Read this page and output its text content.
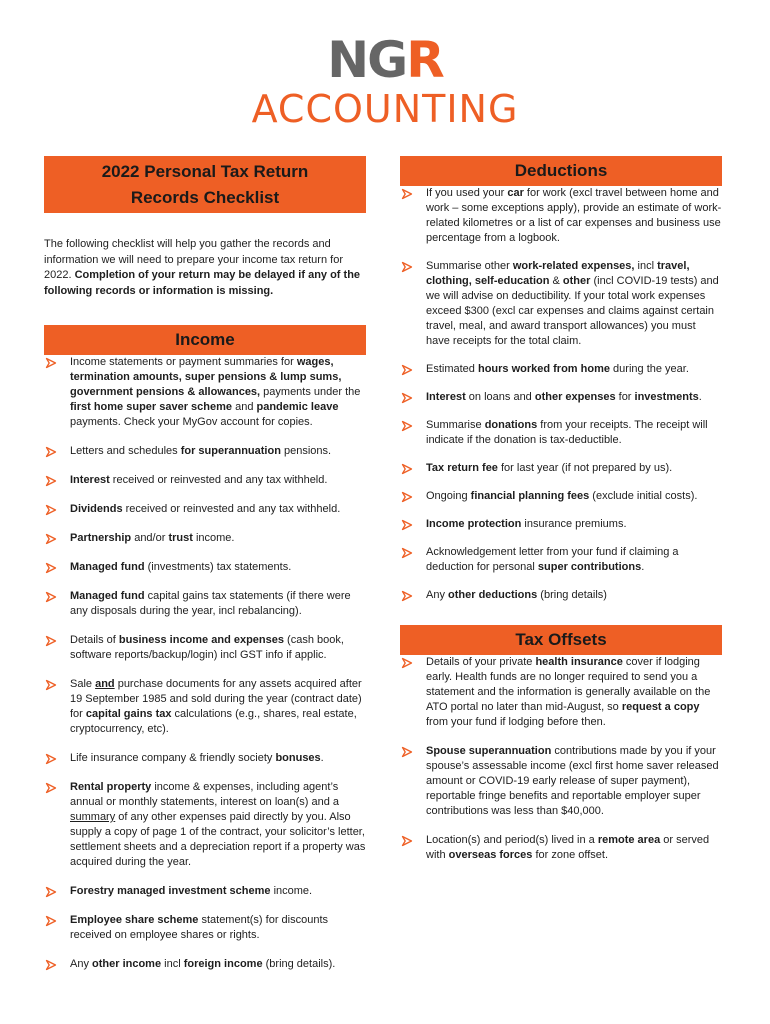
NGR
ACCOUNTING
2022 Personal Tax Return
Records Checklist

The following checklist will help you gather the records and information we will need to prepare your income tax return for 2022. Completion of your return may be delayed if any of the following records or information is missing.

Income
Income statements or payment summaries for wages, termination amounts, super pensions & lump sums, government pensions & allowances, payments under the first home super saver scheme and pandemic leave payments. Check your MyGov account for copies.
Letters and schedules for superannuation pensions.
Interest received or reinvested and any tax withheld.
Dividends received or reinvested and any tax withheld.
Partnership and/or trust income.
Managed fund (investments) tax statements.
Managed fund capital gains tax statements (if there were any disposals during the year, incl rebalancing).
Details of business income and expenses (cash book, software reports/backup/login) incl GST info if applic.
Sale and purchase documents for any assets acquired after 19 September 1985 and sold during the year (contract date) for capital gains tax calculations (e.g., shares, real estate, cryptocurrency, etc).
Life insurance company & friendly society bonuses.
Rental property income & expenses, including agent’s annual or monthly statements, interest on loan(s) and a summary of any other expenses paid directly by you. Also supply a copy of page 1 of the contract, your solicitor’s letter, settlement sheets and a depreciation report if a property was acquired during the year.
Forestry managed investment scheme income.
Employee share scheme statement(s) for discounts received on employee shares or rights.
Any other income incl foreign income (bring details).
Deductions
If you used your car for work (excl travel between home and work – some exceptions apply), provide an estimate of work-related kilometres or a list of car expenses and business use percentage from a logbook.
Summarise other work-related expenses, incl travel, clothing, self-education & other (incl COVID-19 tests) and we will advise on deductibility. If your total work expenses exceed $300 (excl car expenses and claims against certain travel, meal, and award transport allowances) you must have receipts for the total claim.
Estimated hours worked from home during the year.
Interest on loans and other expenses for investments.
Summarise donations from your receipts. The receipt will indicate if the donation is tax-deductible.
Tax return fee for last year (if not prepared by us).
Ongoing financial planning fees (exclude initial costs).
Income protection insurance premiums.
Acknowledgement letter from your fund if claiming a deduction for personal super contributions.
Any other deductions (bring details)
Tax Offsets
Details of your private health insurance cover if lodging early. Health funds are no longer required to send you a statement and the information is generally available on the ATO portal no later than mid-August, so request a copy from your fund if lodging before then.
Spouse superannuation contributions made by you if your spouse’s assessable income (excl first home saver released amount or COVID-19 early release of super payment), reportable fringe benefits and reportable employer super contributions was less than $40,000.
Location(s) and period(s) lived in a remote area or served with overseas forces for zone offset.
